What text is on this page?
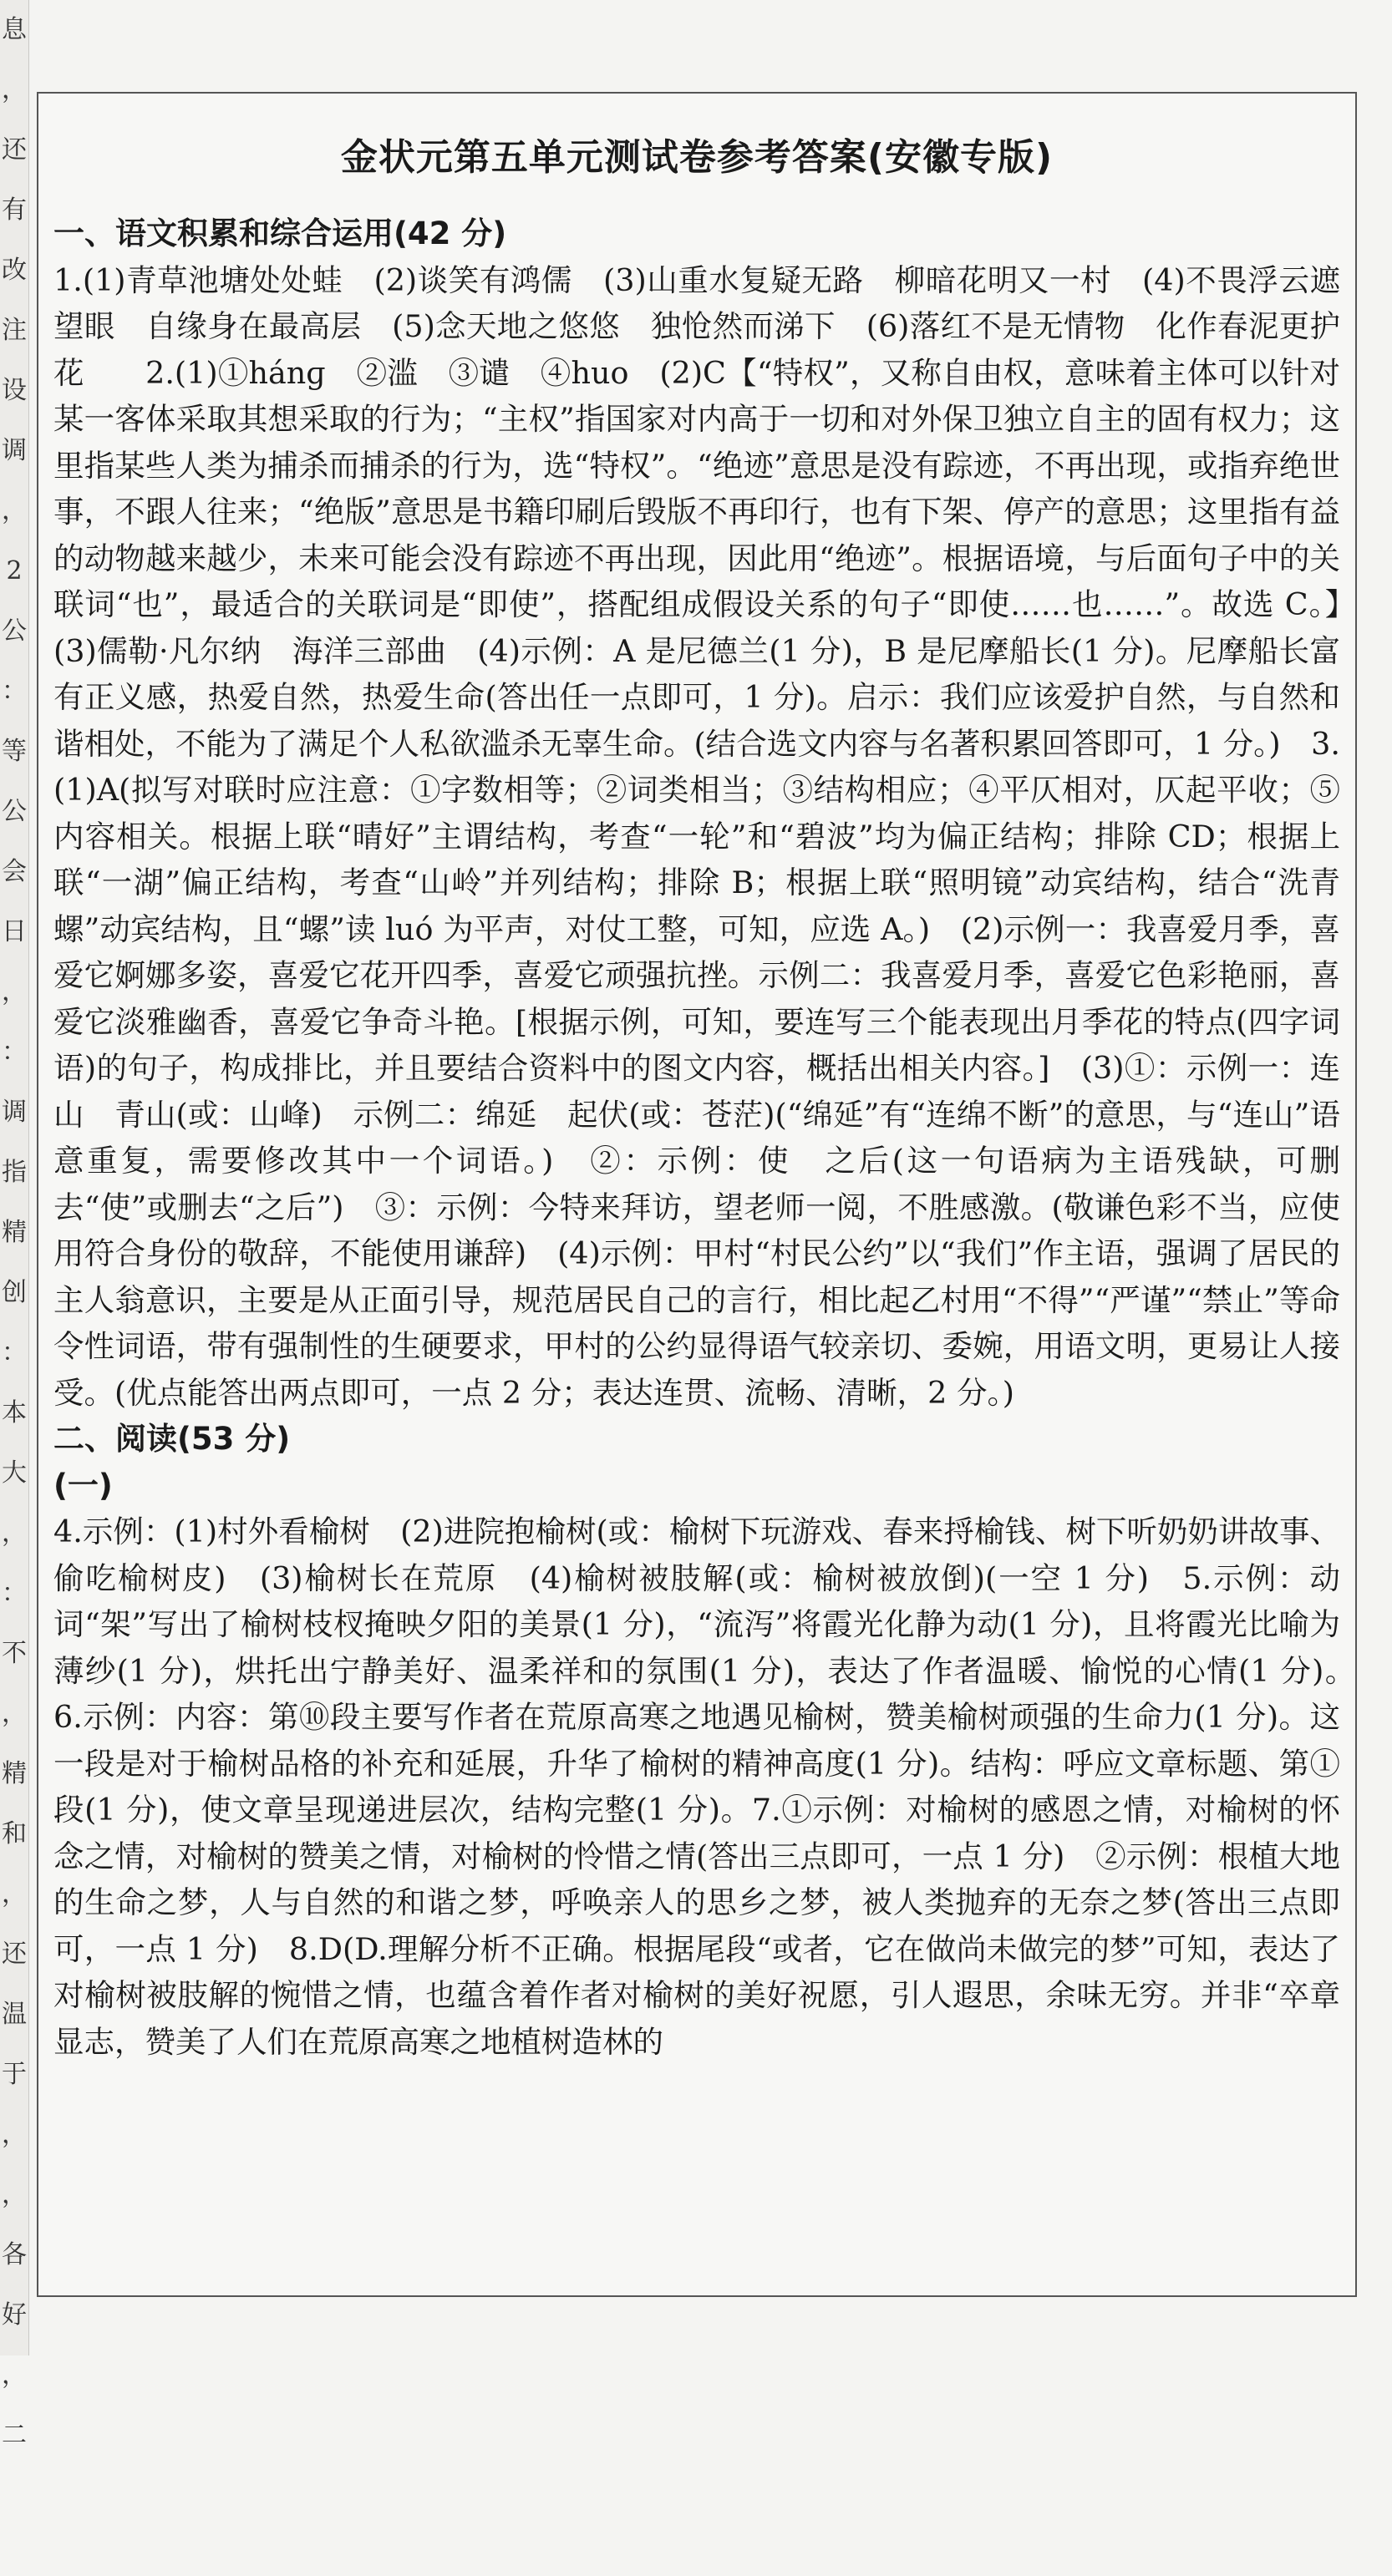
息
，
还
有
改
注
设
调
，
2
公
：
等
公
会
日
，
：
调
指
精
创
：
本
大
，
：
不
，
精
和
，
还
温
于
，
，
各
好
，
二
金状元第五单元测试卷参考答案(安徽专版)
一、语文积累和综合运用(42 分)

1.(1)青草池塘处处蛙　(2)谈笑有鸿儒　(3)山重水复疑无路　柳暗花明又一村　(4)不畏浮云遮望眼　自缘身在最高层　(5)念天地之悠悠　独怆然而涕下　(6)落红不是无情物　化作春泥更护花　　2.(1)①hánɡ　②滥　③谴　④huo　(2)C【“特权”，又称自由权，意味着主体可以针对某一客体采取其想采取的行为；“主权”指国家对内高于一切和对外保卫独立自主的固有权力；这里指某些人类为捕杀而捕杀的行为，选“特权”。“绝迹”意思是没有踪迹，不再出现，或指弃绝世事，不跟人往来；“绝版”意思是书籍印刷后毁版不再印行，也有下架、停产的意思；这里指有益的动物越来越少，未来可能会没有踪迹不再出现，因此用“绝迹”。根据语境，与后面句子中的关联词“也”，最适合的关联词是“即使”，搭配组成假设关系的句子“即使……也……”。故选 C。】　(3)儒勒·凡尔纳　海洋三部曲　(4)示例：A 是尼德兰(1 分)，B 是尼摩船长(1 分)。尼摩船长富有正义感，热爱自然，热爱生命(答出任一点即可，1 分)。启示：我们应该爱护自然，与自然和谐相处，不能为了满足个人私欲滥杀无辜生命。(结合选文内容与名著积累回答即可，1 分。)　3.(1)A(拟写对联时应注意：①字数相等；②词类相当；③结构相应；④平仄相对，仄起平收；⑤内容相关。根据上联“晴好”主谓结构，考查“一轮”和“碧波”均为偏正结构；排除 CD；根据上联“一湖”偏正结构，考查“山岭”并列结构；排除 B；根据上联“照明镜”动宾结构，结合“洗青螺”动宾结构，且“螺”读 luó 为平声，对仗工整，可知，应选 A。)　(2)示例一：我喜爱月季，喜爱它婀娜多姿，喜爱它花开四季，喜爱它顽强抗挫。示例二：我喜爱月季，喜爱它色彩艳丽，喜爱它淡雅幽香，喜爱它争奇斗艳。[根据示例，可知，要连写三个能表现出月季花的特点(四字词语)的句子，构成排比，并且要结合资料中的图文内容，概括出相关内容。]　(3)①：示例一：连山　青山(或：山峰)　示例二：绵延　起伏(或：苍茫)(“绵延”有“连绵不断”的意思，与“连山”语意重复，需要修改其中一个词语。)　②：示例：使　之后(这一句语病为主语残缺，可删去“使”或删去“之后”)　③：示例：今特来拜访，望老师一阅，不胜感激。(敬谦色彩不当，应使用符合身份的敬辞，不能使用谦辞)　(4)示例：甲村“村民公约”以“我们”作主语，强调了居民的主人翁意识，主要是从正面引导，规范居民自己的言行，相比起乙村用“不得”“严谨”“禁止”等命令性词语，带有强制性的生硬要求，甲村的公约显得语气较亲切、委婉，用语文明，更易让人接受。(优点能答出两点即可，一点 2 分；表达连贯、流畅、清晰，2 分。)

二、阅读(53 分)
(一)

4.示例：(1)村外看榆树　(2)进院抱榆树(或：榆树下玩游戏、春来捋榆钱、树下听奶奶讲故事、偷吃榆树皮)　(3)榆树长在荒原　(4)榆树被肢解(或：榆树被放倒)(一空 1 分)　5.示例：动词“架”写出了榆树枝杈掩映夕阳的美景(1 分)，“流泻”将霞光化静为动(1 分)，且将霞光比喻为薄纱(1 分)，烘托出宁静美好、温柔祥和的氛围(1 分)，表达了作者温暖、愉悦的心情(1 分)。　6.示例：内容：第⑩段主要写作者在荒原高寒之地遇见榆树，赞美榆树顽强的生命力(1 分)。这一段是对于榆树品格的补充和延展，升华了榆树的精神高度(1 分)。结构：呼应文章标题、第①段(1 分)，使文章呈现递进层次，结构完整(1 分)。7.①示例：对榆树的感恩之情，对榆树的怀念之情，对榆树的赞美之情，对榆树的怜惜之情(答出三点即可，一点 1 分)　②示例：根植大地的生命之梦，人与自然的和谐之梦，呼唤亲人的思乡之梦，被人类抛弃的无奈之梦(答出三点即可，一点 1 分)　8.D(D.理解分析不正确。根据尾段“或者，它在做尚未做完的梦”可知，表达了对榆树被肢解的惋惜之情，也蕴含着作者对榆树的美好祝愿，引人遐思，余味无穷。并非“卒章显志，赞美了人们在荒原高寒之地植树造林的
